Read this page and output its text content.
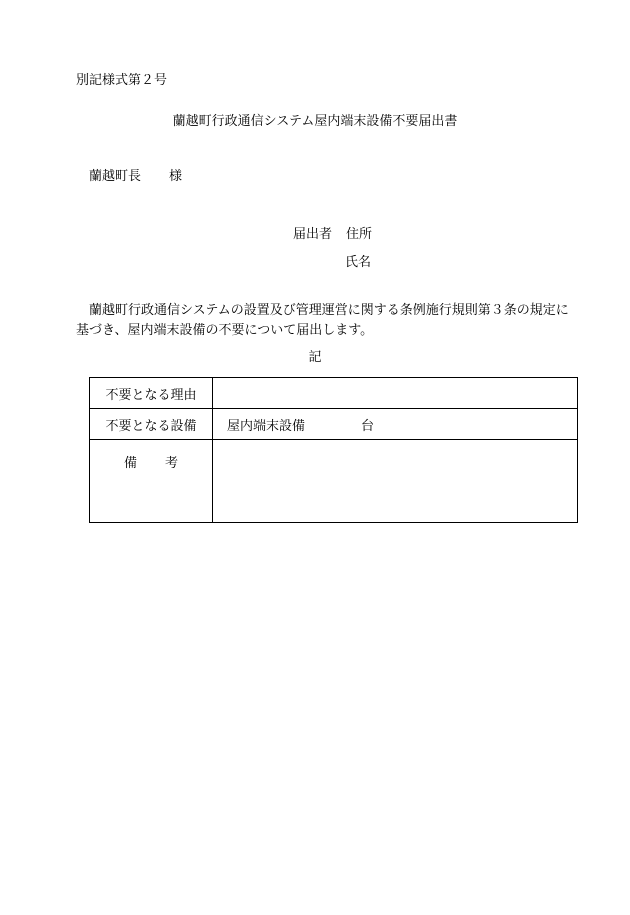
別記様式第２号
蘭越町行政通信システム屋内端末設備不要届出書
蘭越町長 様
届出者 住所
氏名
蘭越町行政通信システムの設置及び管理運営に関する条例施行規則第３条の規定に基づき、屋内端末設備の不要について届出します。
記
不要となる理由	
不要となる設備	屋内端末設備 台
備 考	
